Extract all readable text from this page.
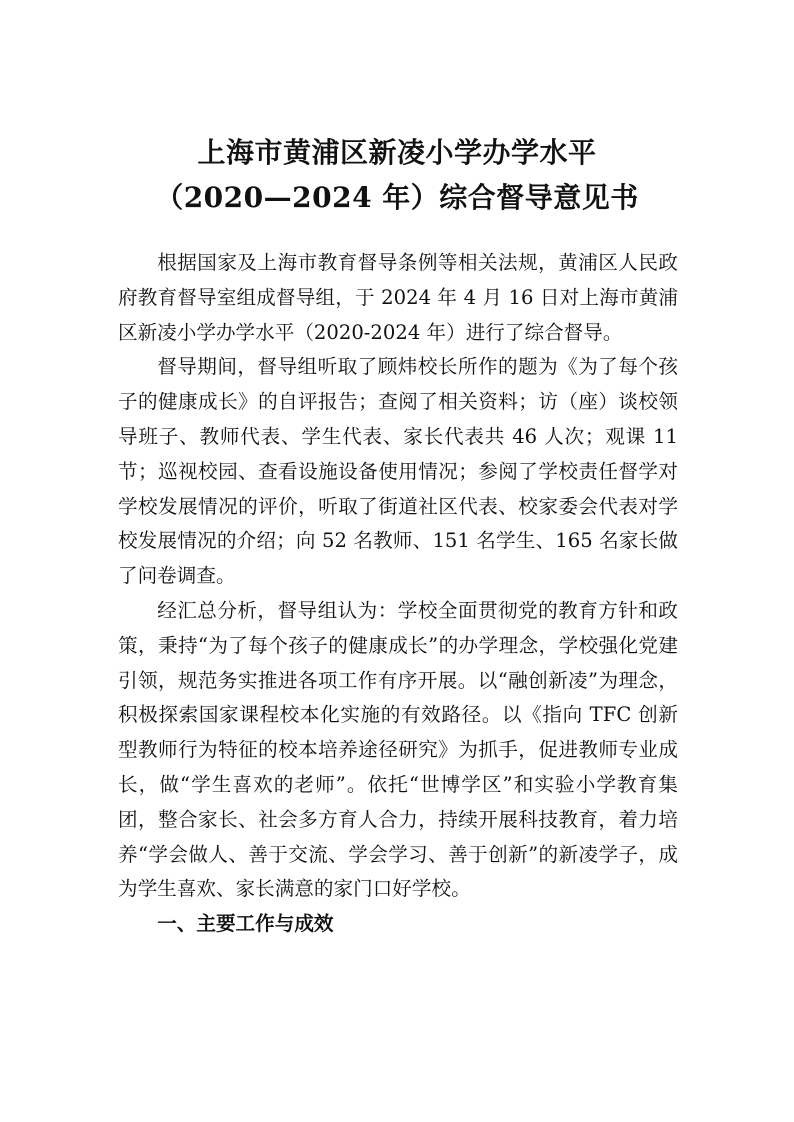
上海市黄浦区新凌小学办学水平
（2020—2024 年）综合督导意见书

根据国家及上海市教育督导条例等相关法规，黄浦区人民政府教育督导室组成督导组，于 2024 年 4 月 16 日对上海市黄浦区新凌小学办学水平（2020-2024 年）进行了综合督导。

督导期间，督导组听取了顾炜校长所作的题为《为了每个孩子的健康成长》的自评报告；查阅了相关资料；访（座）谈校领导班子、教师代表、学生代表、家长代表共 46 人次；观课 11 节；巡视校园、查看设施设备使用情况；参阅了学校责任督学对学校发展情况的评价，听取了街道社区代表、校家委会代表对学校发展情况的介绍；向 52 名教师、151 名学生、165 名家长做了问卷调查。

经汇总分析，督导组认为：学校全面贯彻党的教育方针和政策，秉持“为了每个孩子的健康成长”的办学理念，学校强化党建引领，规范务实推进各项工作有序开展。以“融创新凌”为理念，积极探索国家课程校本化实施的有效路径。以《指向 TFC 创新型教师行为特征的校本培养途径研究》为抓手，促进教师专业成长，做“学生喜欢的老师”。依托“世博学区”和实验小学教育集团，整合家长、社会多方育人合力，持续开展科技教育，着力培养“学会做人、善于交流、学会学习、善于创新”的新凌学子，成为学生喜欢、家长满意的家门口好学校。

一、主要工作与成效
